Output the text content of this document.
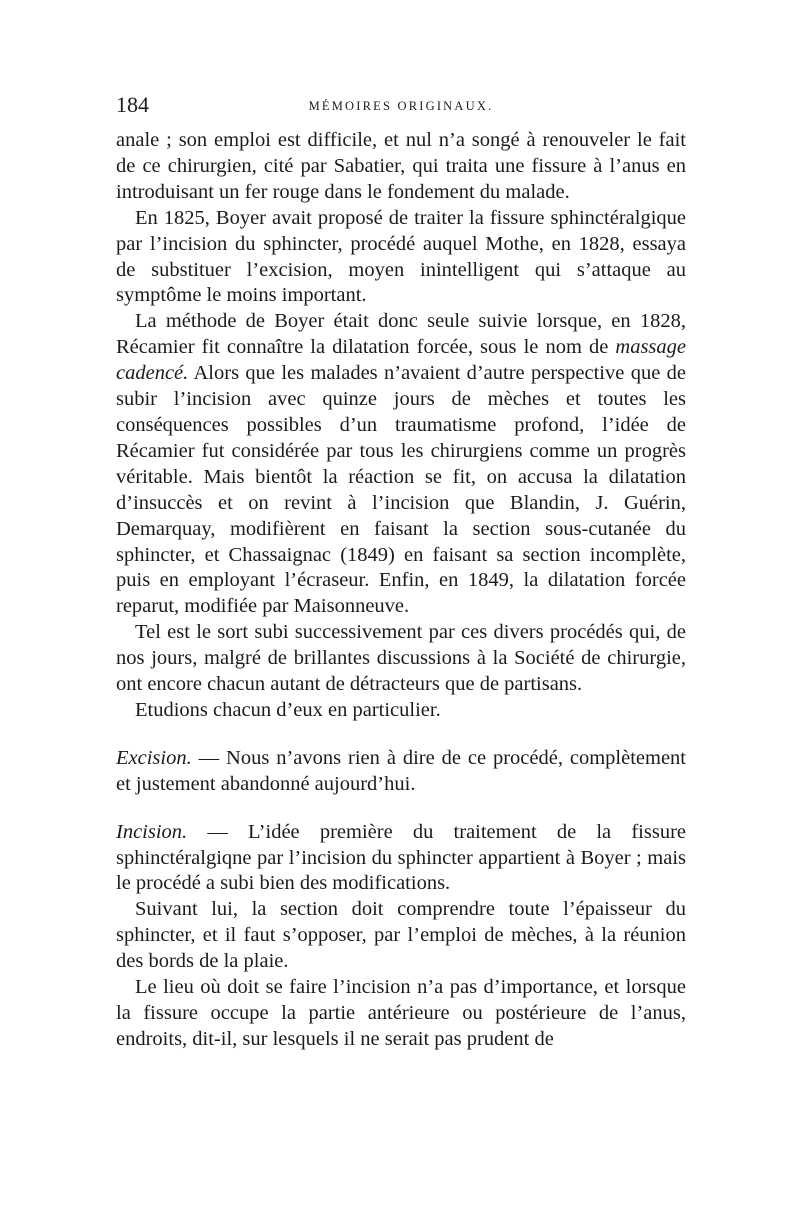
184	MÉMOIRES ORIGINAUX.

anale ; son emploi est difficile, et nul n’a songé à renouveler le fait de ce chirurgien, cité par Sabatier, qui traita une fissure à l’anus en introduisant un fer rouge dans le fondement du malade.

En 1825, Boyer avait proposé de traiter la fissure sphinctéralgique par l’incision du sphincter, procédé auquel Mothe, en 1828, essaya de substituer l’excision, moyen inintelligent qui s’attaque au symptôme le moins important.

La méthode de Boyer était donc seule suivie lorsque, en 1828, Récamier fit connaître la dilatation forcée, sous le nom de massage cadencé. Alors que les malades n’avaient d’autre perspective que de subir l’incision avec quinze jours de mèches et toutes les conséquences possibles d’un traumatisme profond, l’idée de Récamier fut considérée par tous les chirurgiens comme un progrès véritable. Mais bientôt la réaction se fit, on accusa la dilatation d’insuccès et on revint à l’incision que Blandin, J. Guérin, Demarquay, modifièrent en faisant la section sous-cutanée du sphincter, et Chassaignac (1849) en faisant sa section incomplète, puis en employant l’écraseur. Enfin, en 1849, la dilatation forcée reparut, modifiée par Maisonneuve.

Tel est le sort subi successivement par ces divers procédés qui, de nos jours, malgré de brillantes discussions à la Société de chirurgie, ont encore chacun autant de détracteurs que de partisans.

Etudions chacun d’eux en particulier.

Excision. — Nous n’avons rien à dire de ce procédé, complètement et justement abandonné aujourd’hui.

Incision. — L’idée première du traitement de la fissure sphinctéralgiqne par l’incision du sphincter appartient à Boyer ; mais le procédé a subi bien des modifications.

Suivant lui, la section doit comprendre toute l’épaisseur du sphincter, et il faut s’opposer, par l’emploi de mèches, à la réunion des bords de la plaie.

Le lieu où doit se faire l’incision n’a pas d’importance, et lorsque la fissure occupe la partie antérieure ou postérieure de l’anus, endroits, dit-il, sur lesquels il ne serait pas prudent de
